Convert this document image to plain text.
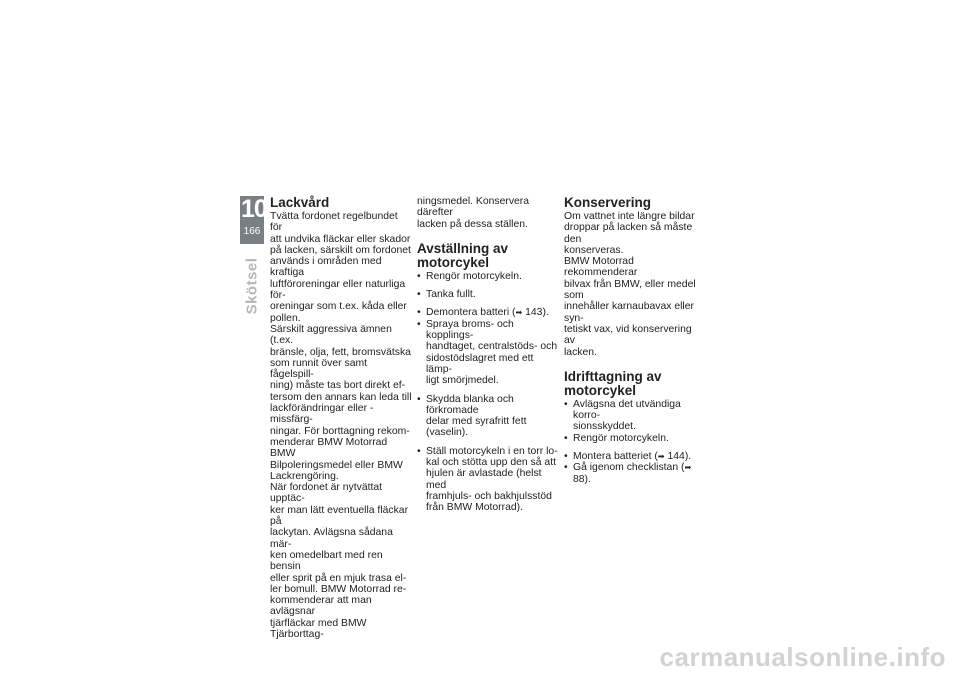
10
166
Skötsel
Lackvård

Tvätta fordonet regelbundet för
att undvika fläckar eller skador
på lacken, särskilt om fordonet
används i områden med kraftiga
luftföroreningar eller naturliga för-
oreningar som t.ex. kåda eller
pollen.

Särskilt aggressiva ämnen (t.ex.
bränsle, olja, fett, bromsvätska
som runnit över samt fågelspill-
ning) måste tas bort direkt ef-
tersom den annars kan leda till
lackförändringar eller -missfärg-
ningar. För borttagning rekom-
menderar BMW Motorrad BMW
Bilpoleringsmedel eller BMW
Lackrengöring.

När fordonet är nytvättat upptäc-
ker man lätt eventuella fläckar på
lackytan. Avlägsna sådana mär-
ken omedelbart med ren bensin
eller sprit på en mjuk trasa el-
ler bomull. BMW Motorrad re-
kommenderar att man avlägsnar
tjärfläckar med BMW Tjärborttag-

ningsmedel. Konservera därefter
lacken på dessa ställen.

Avställning av
motorcykel
• Rengör motorcykeln.
• Tanka fullt.
• Demontera batteri (➡ 143).
• Spraya broms- och kopplings-
handtaget, centralstöds- och
sidostödslagret med ett lämp-
ligt smörjmedel.
• Skydda blanka och förkromade
delar med syrafritt fett (vaselin).
• Ställ motorcykeln i en torr lo-
kal och stötta upp den så att
hjulen är avlastade (helst med
framhjuls- och bakhjulsstöd
från BMW Motorrad).
Konservering

Om vattnet inte längre bildar
droppar på lacken så måste den
konserveras.

BMW Motorrad rekommenderar
bilvax från BMW, eller medel som
innehåller karnaubavax eller syn-
tetiskt vax, vid konservering av
lacken.

Idrifttagning av
motorcykel
• Avlägsna det utvändiga korro-
sionsskyddet.
• Rengör motorcykeln.
• Montera batteriet (➡ 144).
• Gå igenom checklistan (➡ 88).
carmanualsonline.info
